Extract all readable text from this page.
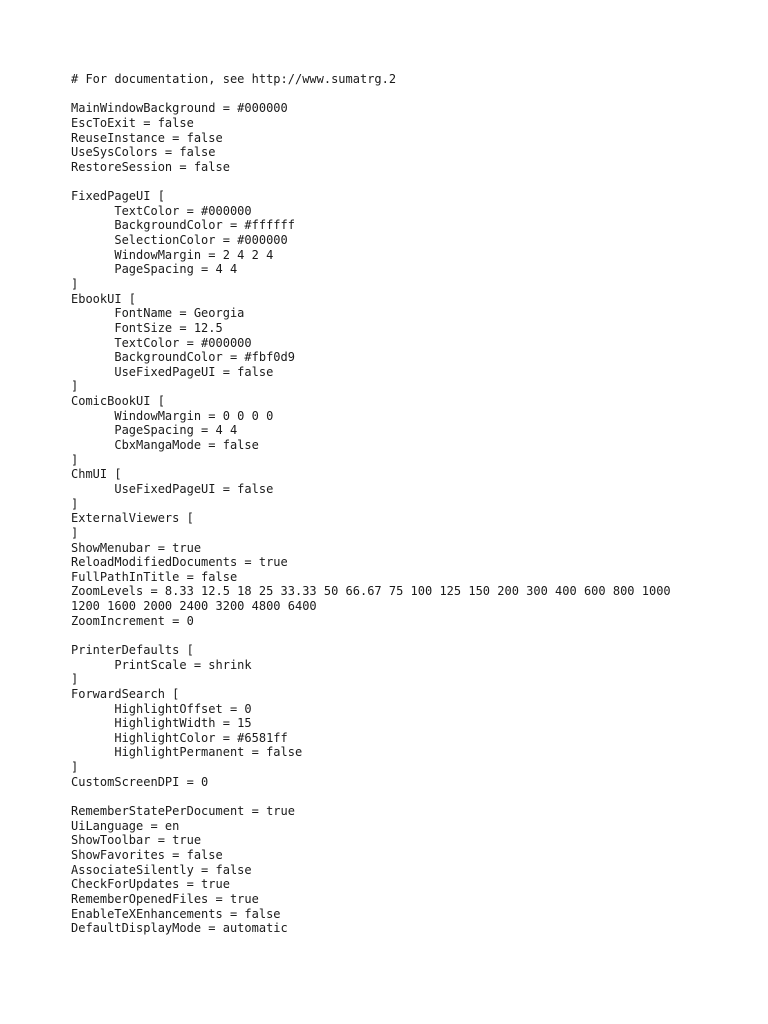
# For documentation, see http://www.sumatrg.2
MainWindowBackground = #000000
EscToExit = false
ReuseInstance = false
UseSysColors = false
RestoreSession = false
FixedPageUI [
TextColor = #000000
BackgroundColor = #ffffff
SelectionColor = #000000
WindowMargin = 2 4 2 4
PageSpacing = 4 4
]
EbookUI [
FontName = Georgia
FontSize = 12.5
TextColor = #000000
BackgroundColor = #fbf0d9
UseFixedPageUI = false
]
ComicBookUI [
WindowMargin = 0 0 0 0
PageSpacing = 4 4
CbxMangaMode = false
]
ChmUI [
UseFixedPageUI = false
]
ExternalViewers [
]
ShowMenubar = true
ReloadModifiedDocuments = true
FullPathInTitle = false
ZoomLevels = 8.33 12.5 18 25 33.33 50 66.67 75 100 125 150 200 300 400 600 800 1000
1200 1600 2000 2400 3200 4800 6400
ZoomIncrement = 0
PrinterDefaults [
PrintScale = shrink
]
ForwardSearch [
HighlightOffset = 0
HighlightWidth = 15
HighlightColor = #6581ff
HighlightPermanent = false
]
CustomScreenDPI = 0
RememberStatePerDocument = true
UiLanguage = en
ShowToolbar = true
ShowFavorites = false
AssociateSilently = false
CheckForUpdates = true
RememberOpenedFiles = true
EnableTeXEnhancements = false
DefaultDisplayMode = automatic
